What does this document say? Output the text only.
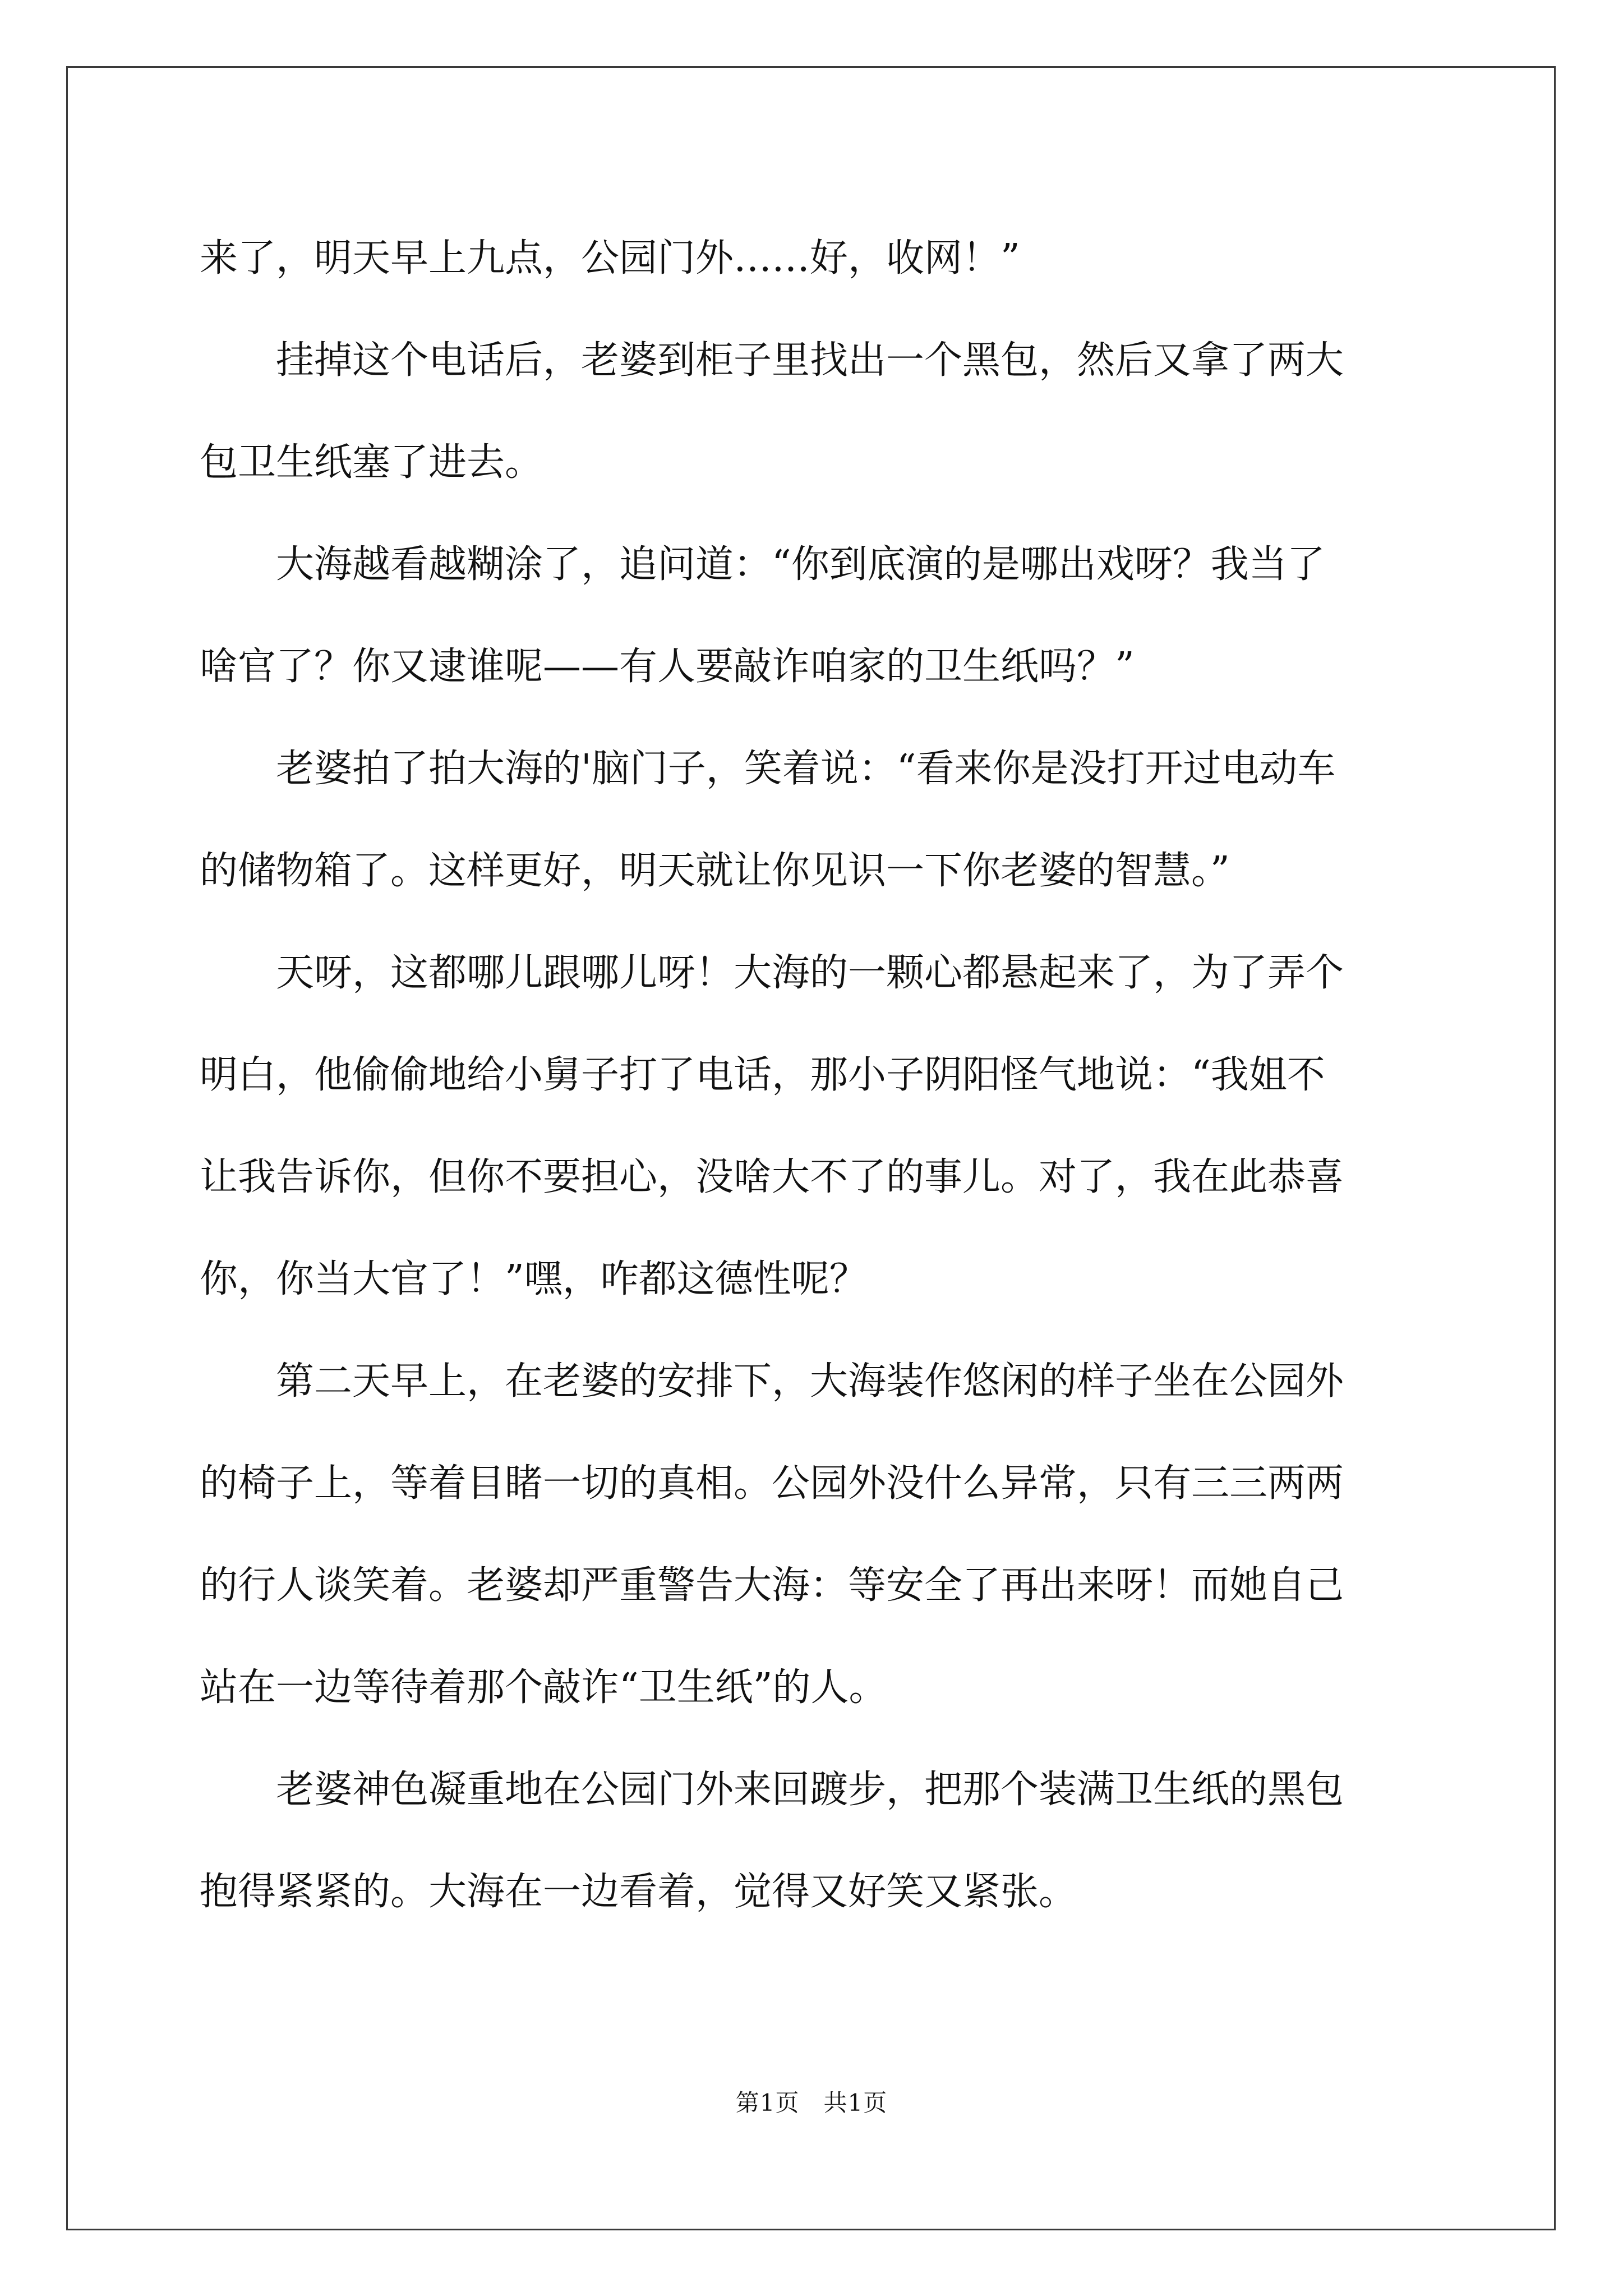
来了，明天早上九点，公园门外……好，收网！”

　　挂掉这个电话后，老婆到柜子里找出一个黑包，然后又拿了两大
包卫生纸塞了进去。

　　大海越看越糊涂了，追问道：“你到底演的是哪出戏呀？我当了
啥官了？你又逮谁呢——有人要敲诈咱家的卫生纸吗？”

　　老婆拍了拍大海的'脑门子，笑着说：“看来你是没打开过电动车
的储物箱了。这样更好，明天就让你见识一下你老婆的智慧。”

　　天呀，这都哪儿跟哪儿呀！大海的一颗心都悬起来了，为了弄个
明白，他偷偷地给小舅子打了电话，那小子阴阳怪气地说：“我姐不
让我告诉你，但你不要担心，没啥大不了的事儿。对了，我在此恭喜
你，你当大官了！”嘿，咋都这德性呢？

　　第二天早上，在老婆的安排下，大海装作悠闲的样子坐在公园外
的椅子上，等着目睹一切的真相。公园外没什么异常，只有三三两两
的行人谈笑着。老婆却严重警告大海：等安全了再出来呀！而她自己
站在一边等待着那个敲诈“卫生纸”的人。

　　老婆神色凝重地在公园门外来回踱步，把那个装满卫生纸的黑包
抱得紧紧的。大海在一边看着，觉得又好笑又紧张。

第1页　共1页
